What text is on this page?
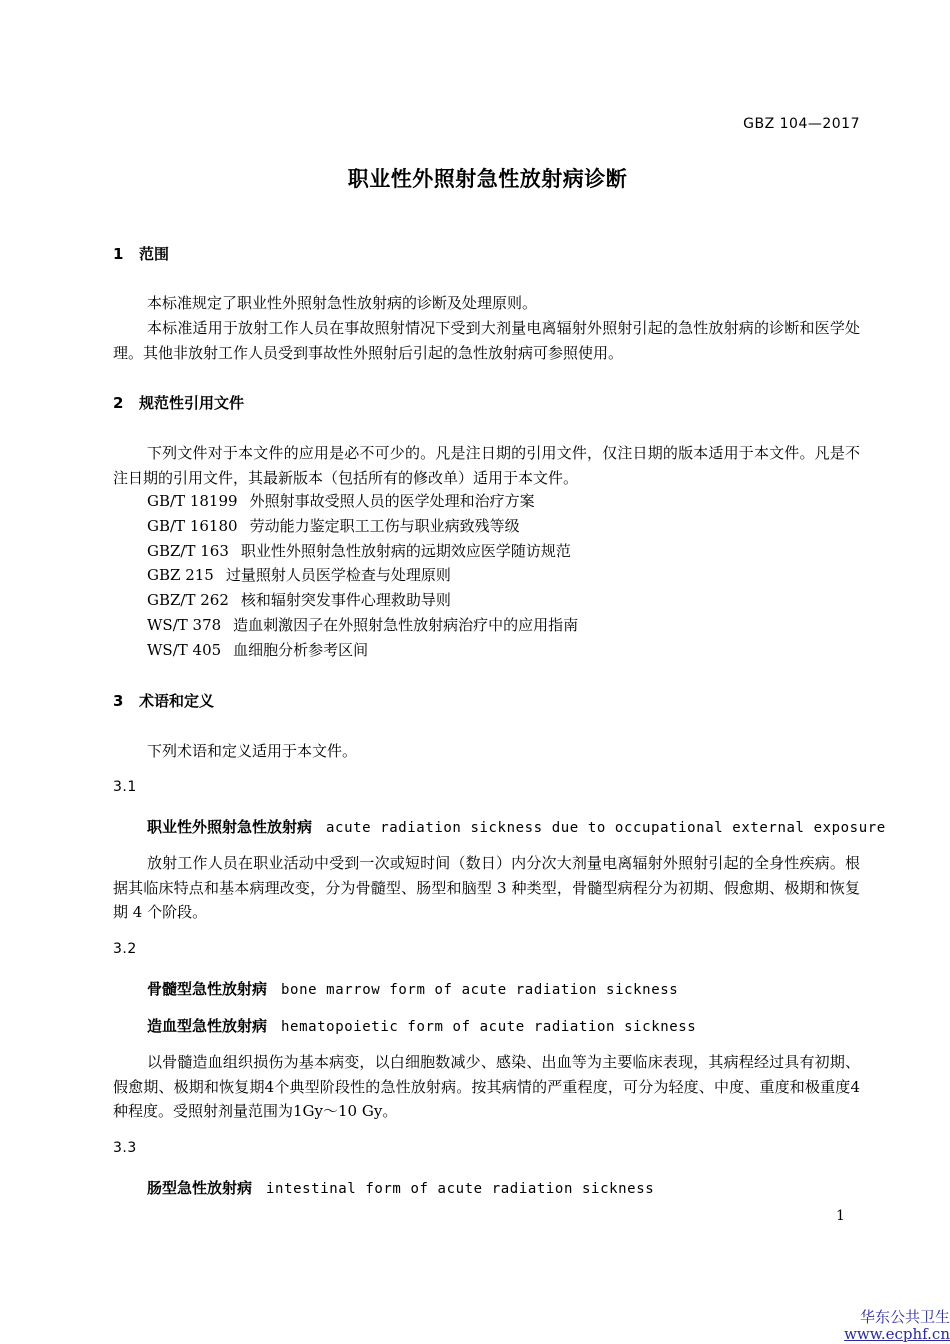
GBZ 104—2017
职业性外照射急性放射病诊断
1 范围
本标准规定了职业性外照射急性放射病的诊断及处理原则。
本标准适用于放射工作人员在事故照射情况下受到大剂量电离辐射外照射引起的急性放射病的诊断和医学处理。其他非放射工作人员受到事故性外照射后引起的急性放射病可参照使用。
2 规范性引用文件
下列文件对于本文件的应用是必不可少的。凡是注日期的引用文件，仅注日期的版本适用于本文件。凡是不注日期的引用文件，其最新版本（包括所有的修改单）适用于本文件。
GB/T 18199 外照射事故受照人员的医学处理和治疗方案
GB/T 16180 劳动能力鉴定职工工伤与职业病致残等级
GBZ/T 163 职业性外照射急性放射病的远期效应医学随访规范
GBZ 215 过量照射人员医学检查与处理原则
GBZ/T 262 核和辐射突发事件心理救助导则
WS/T 378 造血刺激因子在外照射急性放射病治疗中的应用指南
WS/T 405 血细胞分析参考区间
3 术语和定义
下列术语和定义适用于本文件。
3.1
职业性外照射急性放射病 acute radiation sickness due to occupational external exposure
放射工作人员在职业活动中受到一次或短时间（数日）内分次大剂量电离辐射外照射引起的全身性疾病。根据其临床特点和基本病理改变，分为骨髓型、肠型和脑型 3 种类型，骨髓型病程分为初期、假愈期、极期和恢复期 4 个阶段。
3.2
骨髓型急性放射病 bone marrow form of acute radiation sickness
造血型急性放射病 hematopoietic form of acute radiation sickness
以骨髓造血组织损伤为基本病变，以白细胞数减少、感染、出血等为主要临床表现，其病程经过具有初期、假愈期、极期和恢复期4个典型阶段性的急性放射病。按其病情的严重程度，可分为轻度、中度、重度和极重度4种程度。受照射剂量范围为1Gy～10 Gy。
3.3
肠型急性放射病 intestinal form of acute radiation sickness
1
华东公共卫生
www.ecphf.cn
